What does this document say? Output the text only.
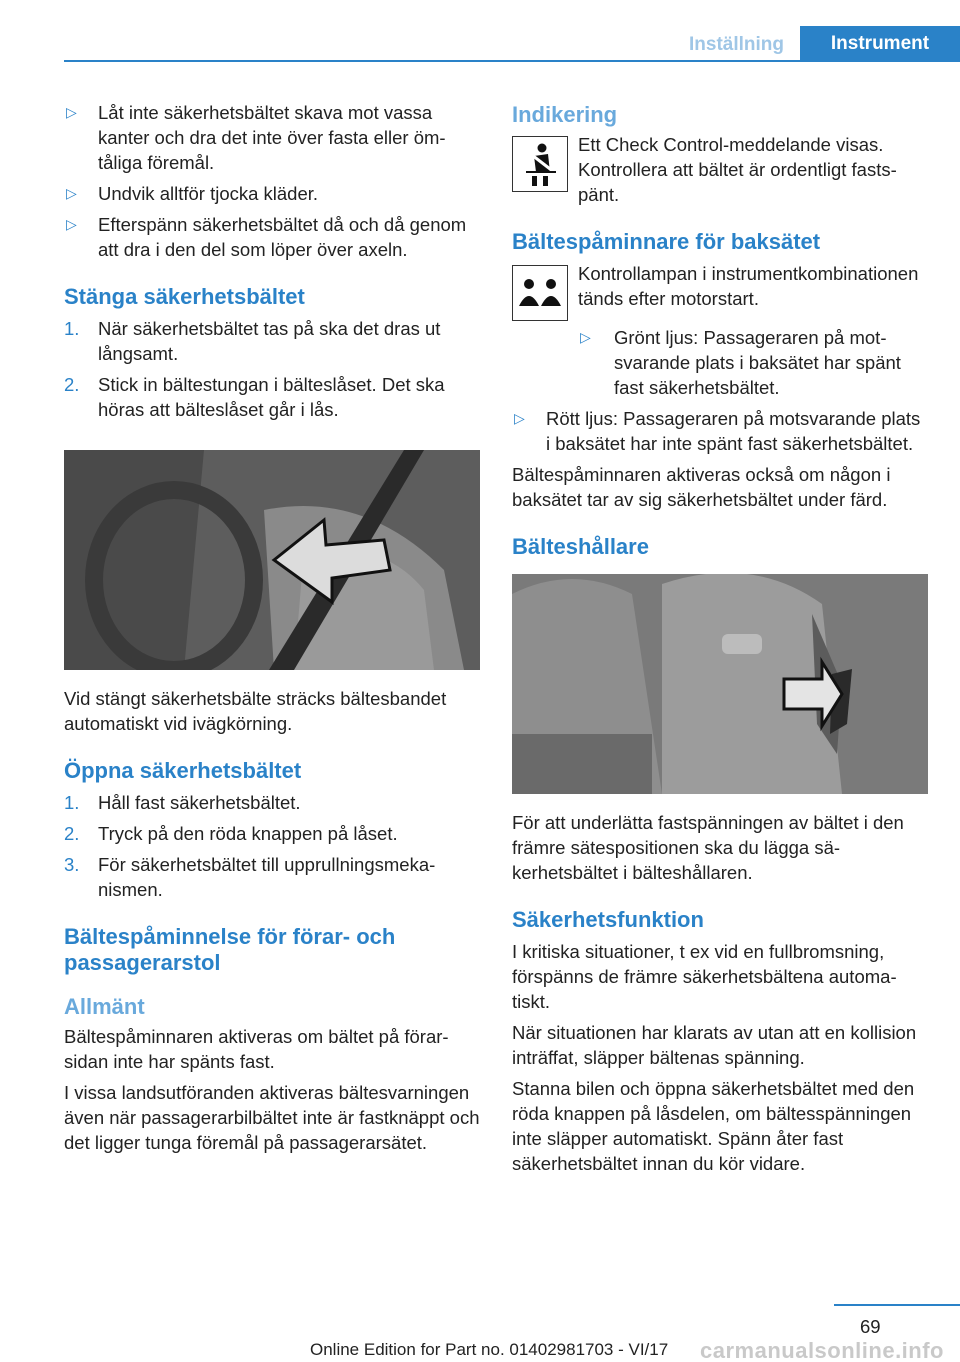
Inställning	Instrument
▷	Låt inte säkerhetsbältet skava mot vassa kanter och dra det inte över fasta eller ömtåliga föremål.
▷	Undvik alltför tjocka kläder.
▷	Efterspänn säkerhetsbältet då och då genom att dra i den del som löper över axeln.
Stänga säkerhetsbältet
1.	När säkerhetsbältet tas på ska det dras ut långsamt.
2.	Stick in bältestungan i bälteslåset. Det ska höras att bälteslåset går i lås.

Vid stängt säkerhetsbälte sträcks bältesbandet automatiskt vid ivägkörning.

Öppna säkerhetsbältet
1.	Håll fast säkerhetsbältet.
2.	Tryck på den röda knappen på låset.
3.	För säkerhetsbältet till upprullningsmekanismen.
Bältespåminnelse för förar- och passagerarstol
Allmänt

Bältespåminnaren aktiveras om bältet på förarsidan inte har spänts fast.

I vissa landsutföranden aktiveras bältesvarningen även när passagerarbilbältet inte är fastknäppt och det ligger tunga föremål på passagerarsätet.

Indikering
Ett Check Control-meddelande visas. Kontrollera att bältet är ordentligt fastspänt.
Bältespåminnare för baksätet
Kontrollampan i instrumentkombinationen tänds efter motorstart.
▷	Grönt ljus: Passageraren på motsvarande plats i baksätet har spänt fast säkerhetsbältet.
▷	Rött ljus: Passageraren på motsvarande plats i baksätet har inte spänt fast säkerhetsbältet.

Bältespåminnaren aktiveras också om någon i baksätet tar av sig säkerhetsbältet under färd.

Bälteshållare

För att underlätta fastspänningen av bältet i den främre sätespositionen ska du lägga säkerhetsbältet i bälteshållaren.

Säkerhetsfunktion

I kritiska situationer, t ex vid en fullbromsning, förspänns de främre säkerhetsbältena automatiskt.

När situationen har klarats av utan att en kollision inträffat, släpper bältenas spänning.

Stanna bilen och öppna säkerhetsbältet med den röda knappen på låsdelen, om bältesspänningen inte släpper automatiskt. Spänn åter fast säkerhetsbältet innan du kör vidare.

69
Online Edition for Part no. 01402981703 - VI/17 carmanualsonline.info
